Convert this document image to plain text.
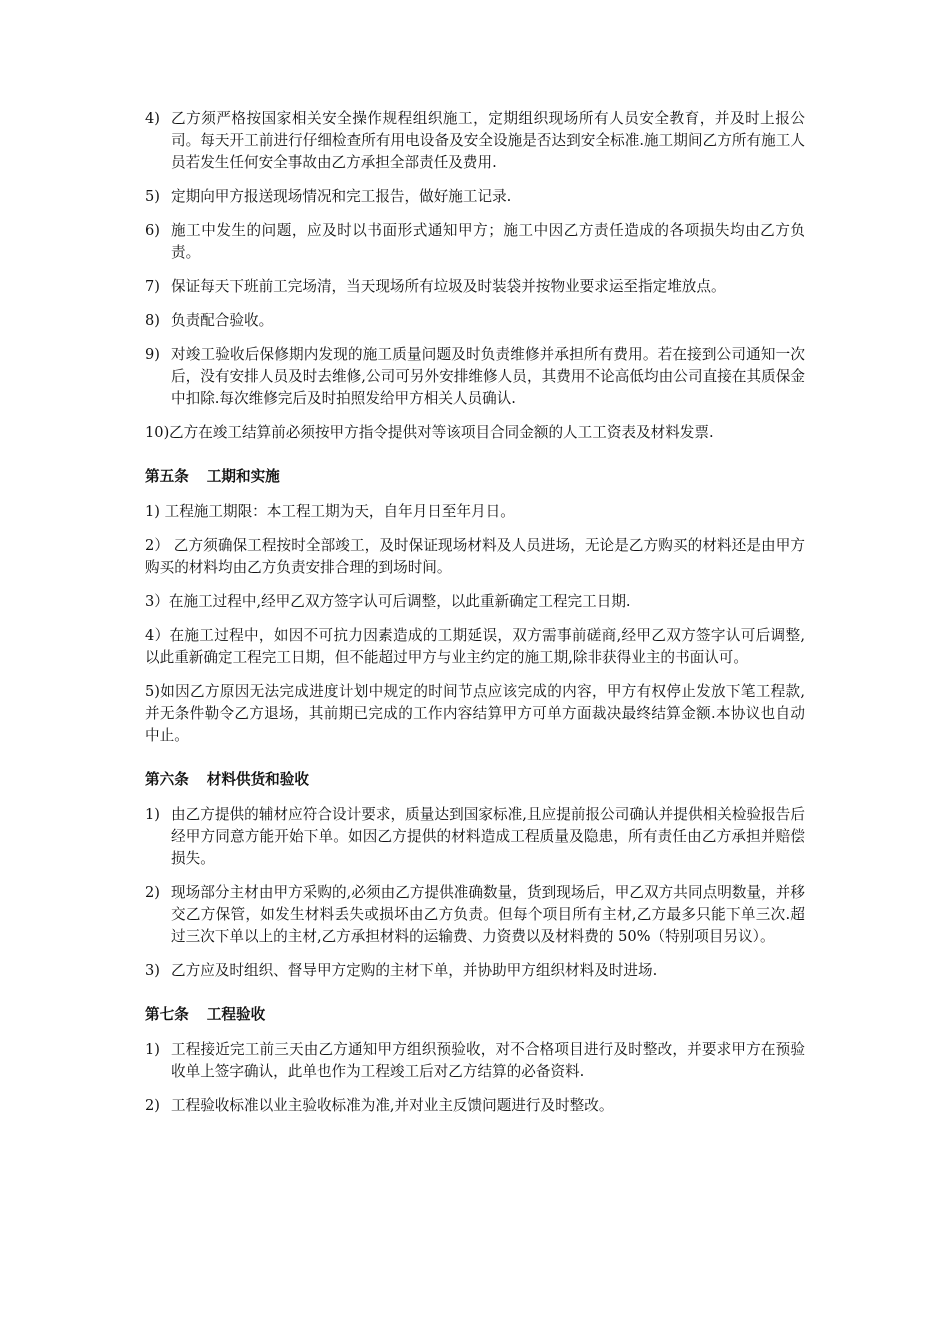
4) 乙方须严格按国家相关安全操作规程组织施工，定期组织现场所有人员安全教育，并及时上报公司。每天开工前进行仔细检查所有用电设备及安全设施是否达到安全标准.施工期间乙方所有施工人员若发生任何安全事故由乙方承担全部责任及费用.
5) 定期向甲方报送现场情况和完工报告，做好施工记录.
6) 施工中发生的问题，应及时以书面形式通知甲方；施工中因乙方责任造成的各项损失均由乙方负责。
7) 保证每天下班前工完场清，当天现场所有垃圾及时装袋并按物业要求运至指定堆放点。
8) 负责配合验收。
9) 对竣工验收后保修期内发现的施工质量问题及时负责维修并承担所有费用。若在接到公司通知一次后，没有安排人员及时去维修,公司可另外安排维修人员，其费用不论高低均由公司直接在其质保金中扣除.每次维修完后及时拍照发给甲方相关人员确认.
10) 乙方在竣工结算前必须按甲方指令提供对等该项目合同金额的人工工资表及材料发票.
第五条 工期和实施
1) 工程施工期限：本工程工期为天，自年月日至年月日。
2） 乙方须确保工程按时全部竣工，及时保证现场材料及人员进场，无论是乙方购买的材料还是由甲方购买的材料均由乙方负责安排合理的到场时间。
3）在施工过程中,经甲乙双方签字认可后调整，以此重新确定工程完工日期.
4）在施工过程中，如因不可抗力因素造成的工期延误，双方需事前磋商,经甲乙双方签字认可后调整,以此重新确定工程完工日期，但不能超过甲方与业主约定的施工期,除非获得业主的书面认可。
5)如因乙方原因无法完成进度计划中规定的时间节点应该完成的内容，甲方有权停止发放下笔工程款,并无条件勒令乙方退场，其前期已完成的工作内容结算甲方可单方面裁决最终结算金额.本协议也自动中止。
第六条 材料供货和验收
1) 由乙方提供的辅材应符合设计要求，质量达到国家标准,且应提前报公司确认并提供相关检验报告后经甲方同意方能开始下单。如因乙方提供的材料造成工程质量及隐患，所有责任由乙方承担并赔偿损失。
2) 现场部分主材由甲方采购的,必须由乙方提供准确数量，货到现场后，甲乙双方共同点明数量，并移交乙方保管，如发生材料丢失或损坏由乙方负责。但每个项目所有主材,乙方最多只能下单三次.超过三次下单以上的主材,乙方承担材料的运输费、力资费以及材料费的 50%（特别项目另议）。
3) 乙方应及时组织、督导甲方定购的主材下单，并协助甲方组织材料及时进场.
第七条 工程验收
1) 工程接近完工前三天由乙方通知甲方组织预验收，对不合格项目进行及时整改，并要求甲方在预验收单上签字确认，此单也作为工程竣工后对乙方结算的必备资料.
2) 工程验收标准以业主验收标准为准,并对业主反馈问题进行及时整改。
